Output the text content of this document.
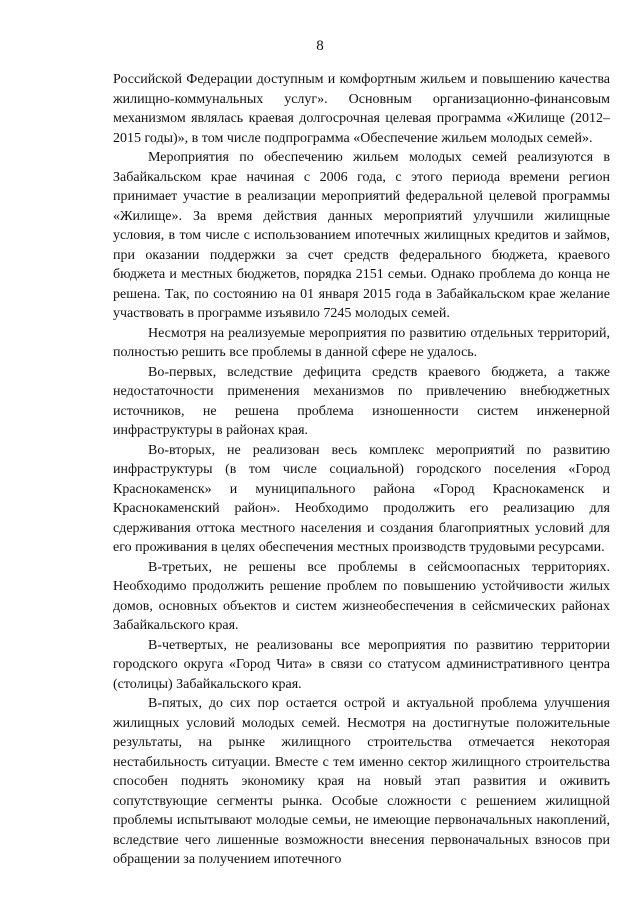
8

Российской Федерации доступным и комфортным жильем и повышению качества жилищно-коммунальных услуг». Основным организационно-финансовым механизмом являлась краевая долгосрочная целевая программа «Жилище (2012–2015 годы)», в том числе подпрограмма «Обеспечение жильем молодых семей».

Мероприятия по обеспечению жильем молодых семей реализуются в Забайкальском крае начиная с 2006 года, с этого периода времени регион принимает участие в реализации мероприятий федеральной целевой программы «Жилище». За время действия данных мероприятий улучшили жилищные условия, в том числе с использованием ипотечных жилищных кредитов и займов, при оказании поддержки за счет средств федерального бюджета, краевого бюджета и местных бюджетов, порядка 2151 семьи. Однако проблема до конца не решена. Так, по состоянию на 01 января 2015 года в Забайкальском крае желание участвовать в программе изъявило 7245 молодых семей.

Несмотря на реализуемые мероприятия по развитию отдельных территорий, полностью решить все проблемы в данной сфере не удалось.

Во-первых, вследствие дефицита средств краевого бюджета, а также недостаточности применения механизмов по привлечению внебюджетных источников, не решена проблема изношенности систем инженерной инфраструктуры в районах края.

Во-вторых, не реализован весь комплекс мероприятий по развитию инфраструктуры (в том числе социальной) городского поселения «Город Краснокаменск» и муниципального района «Город Краснокаменск и Краснокаменский район». Необходимо продолжить его реализацию для сдерживания оттока местного населения и создания благоприятных условий для его проживания в целях обеспечения местных производств трудовыми ресурсами.

В-третьих, не решены все проблемы в сейсмоопасных территориях. Необходимо продолжить решение проблем по повышению устойчивости жилых домов, основных объектов и систем жизнеобеспечения в сейсмических районах Забайкальского края.

В-четвертых, не реализованы все мероприятия по развитию территории городского округа «Город Чита» в связи со статусом административного центра (столицы) Забайкальского края.

В-пятых, до сих пор остается острой и актуальной проблема улучшения жилищных условий молодых семей. Несмотря на достигнутые положительные результаты, на рынке жилищного строительства отмечается некоторая нестабильность ситуации. Вместе с тем именно сектор жилищного строительства способен поднять экономику края на новый этап развития и оживить сопутствующие сегменты рынка. Особые сложности с решением жилищной проблемы испытывают молодые семьи, не имеющие первоначальных накоплений, вследствие чего лишенные возможности внесения первоначальных взносов при обращении за получением ипотечного
